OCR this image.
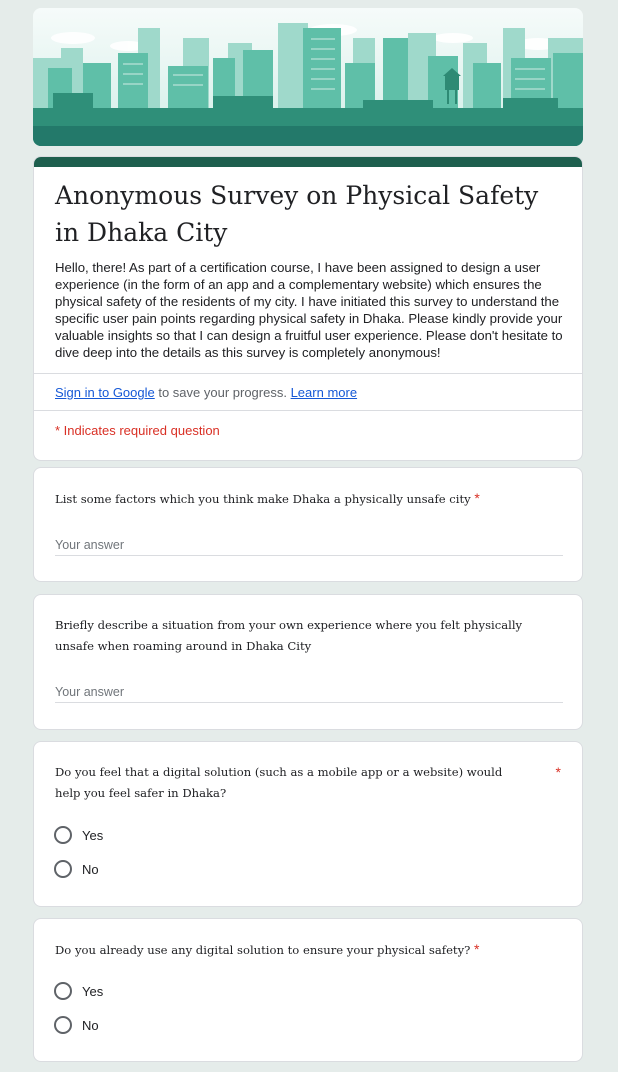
Anonymous Survey on Physical Safety in Dhaka City

Hello, there! As part of a certification course, I have been assigned to design a user experience (in the form of an app and a complementary website) which ensures the physical safety of the residents of my city. I have initiated this survey to understand the specific user pain points regarding physical safety in Dhaka. Please kindly provide your valuable insights so that I can design a fruitful user experience. Please don't hesitate to dive deep into the details as this survey is completely anonymous!

Sign in to Google to save your progress. Learn more
* Indicates required question
List some factors which you think make Dhaka a physically unsafe city *
Your answer
Briefly describe a situation from your own experience where you felt physically unsafe when roaming around in Dhaka City
Your answer
Do you feel that a digital solution (such as a mobile app or a website) would help you feel safer in Dhaka?
*
Yes
No
Do you already use any digital solution to ensure your physical safety? *
Yes
No
